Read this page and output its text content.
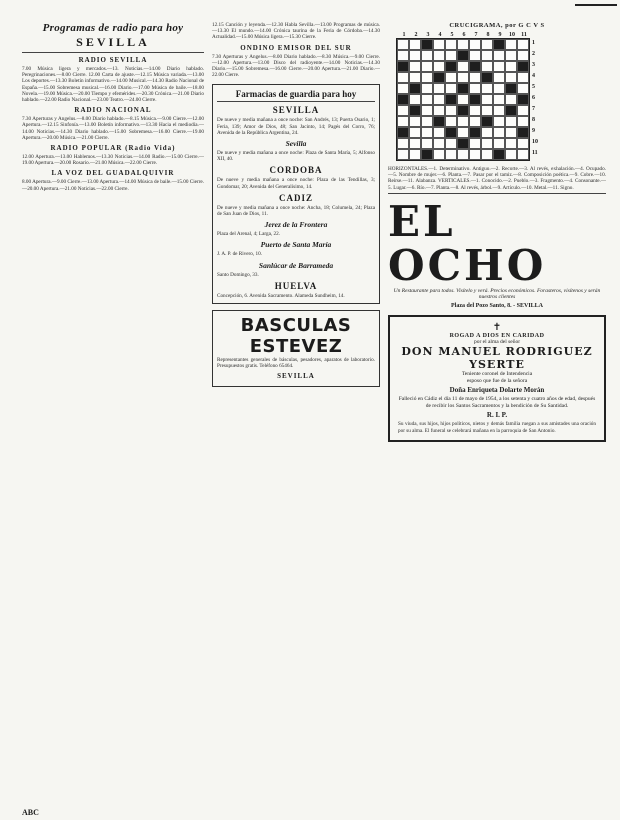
Programas de radio para hoy
SEVILLA
RADIO SEVILLA
7.00 Música ligera y mercados.—13. Noticias.—14.00 Diario hablado. Peregrinaciones.—8.00 Cierre. 12.00 Carta de ajuste.—12.15 Música variada.—13.00 Los deportes.—13.30 Boletín informativo.—14.00 Musical.—14.30 Radio Nacional de España.—15.00 Sobremesa musical.—16.00 Diario.—17.00 Música de baile.—18.00 Novela.—19.00 Música.—20.00 Tiempo y efemérides.—20.30 Crónica.—21.00 Diario hablado.—22.00 Radio Nacional.—23.00 Teatro.—24.00 Cierre.
RADIO NACIONAL
7.30 Aperturas y Angelus.—8.00 Diario hablado.—8.15 Música.—9.00 Cierre.—12.00 Apertura.—12.15 Sinfonía.—13.00 Boletín informativo.—13.30 Hacia el mediodía.—14.00 Noticias.—14.30 Diario hablado.—15.00 Sobremesa.—16.00 Cierre.—19.00 Apertura.—20.00 Música.—21.00 Cierre.
RADIO POPULAR (Radio Vida)
12.00 Apertura.—13.00 Hablemos.—13.30 Noticias.—14.00 Radio.—15.00 Cierre.—19.00 Apertura.—20.00 Rosario.—21.00 Música.—22.00 Cierre.
LA VOZ DEL GUADALQUIVIR
8.00 Apertura.—9.00 Cierre.—13.00 Apertura.—14.00 Música de baile.—15.00 Cierre.—20.00 Apertura.—21.00 Noticias.—22.00 Cierre.
12.15 Canción y leyenda.—12.30 Habla Sevilla.—13.00 Programas de música.—13.30 El mundo.—14.00 Crónica taurina de la Feria de Córdoba.—14.30 Actualidad.—15.00 Música ligera.—15.30 Cierre.
ONDINO EMISOR DEL SUR
7.30 Aperturas y Angelus.—8.00 Diario hablado.—8.30 Música.—9.00 Cierre.—12.00 Apertura.—13.00 Disco del radioyente.—14.00 Noticias.—14.30 Diario.—15.00 Sobremesa.—16.00 Cierre.—20.00 Apertura.—21.00 Diario.—22.00 Cierre.
Farmacias de guardia para hoy
SEVILLA
De nueve y media mañana a once noche: San Andrés, 13; Puerta Osario, 1; Feria, 139; Amor de Dios, 48; San Jacinto, 14; Pagés del Corro, 76; Avenida de la República Argentina, 24.
Sevilla
De nueve y media mañana a once noche: Plaza de Santa María, 5; Alfonso XII, 40.
CORDOBA
De nueve y media mañana a once noche: Plaza de las Tendillas, 3; Gondomar, 20; Avenida del Generalísimo, 14.
CADIZ
De nueve y media mañana a once noche: Ancha, 18; Columela, 24; Plaza de San Juan de Dios, 11.
Jerez de la Frontera
Plaza del Arenal, 4; Larga, 22.
Puerto de Santa María
J. A. P. de Rivero, 10.
Sanlúcar de Barrameda
Santo Domingo, 33.
HUELVA
Concepción, 6. Avenida Sacramento. Alameda Sundheim, 14.
BASCULAS ESTEVEZ
Representantes generales de básculas, pesadores, aparatos de laboratorio. Presupuestos gratis. Teléfono 65464.
SEVILLA
CRUCIGRAMA, por G C V S
1	2	3	4	5	6	7	8	9	10	11
1
2
3
4
5
6
7
8
9
10
11
HORIZONTALES.—1. Determinativo. Antiguo.—2. Recorte.—3. Al revés, exhalación.—4. Ocupado.—5. Nombre de mujer.—6. Planta.—7. Pasar por el tamiz.—8. Composición poética.—9. Cobre.—10. Reírse.—11. Alabanza. VERTICALES.—1. Conocido.—2. Pueblo.—3. Fragmento.—4. Consonante.—5. Lugar.—6. Río.—7. Planta.—8. Al revés, árbol.—9. Artículo.—10. Metal.—11. Signo.
EL OCHO
Un Restaurante para todos. Visítelo y verá. Precios económicos. Forasteros, visítenos y serán nuestros clientes
Plaza del Pozo Santo, 8. - SEVILLA
✝
ROGAD A DIOS EN CARIDAD
por el alma del señor
DON MANUEL RODRIGUEZ YSERTE
Teniente coronel de Intendencia
esposo que fue de la señora
Doña Enriqueta Dolarte Morán
Falleció en Cádiz el día 11 de mayo de 1954, a los setenta y cuatro años de edad, después de recibir los Santos Sacramentos y la bendición de Su Santidad.
R. I. P.
Su viuda, sus hijos, hijos políticos, nietos y demás familia ruegan a sus amistades una oración por su alma. El funeral se celebrará mañana en la parroquia de San Antonio.
ABC
